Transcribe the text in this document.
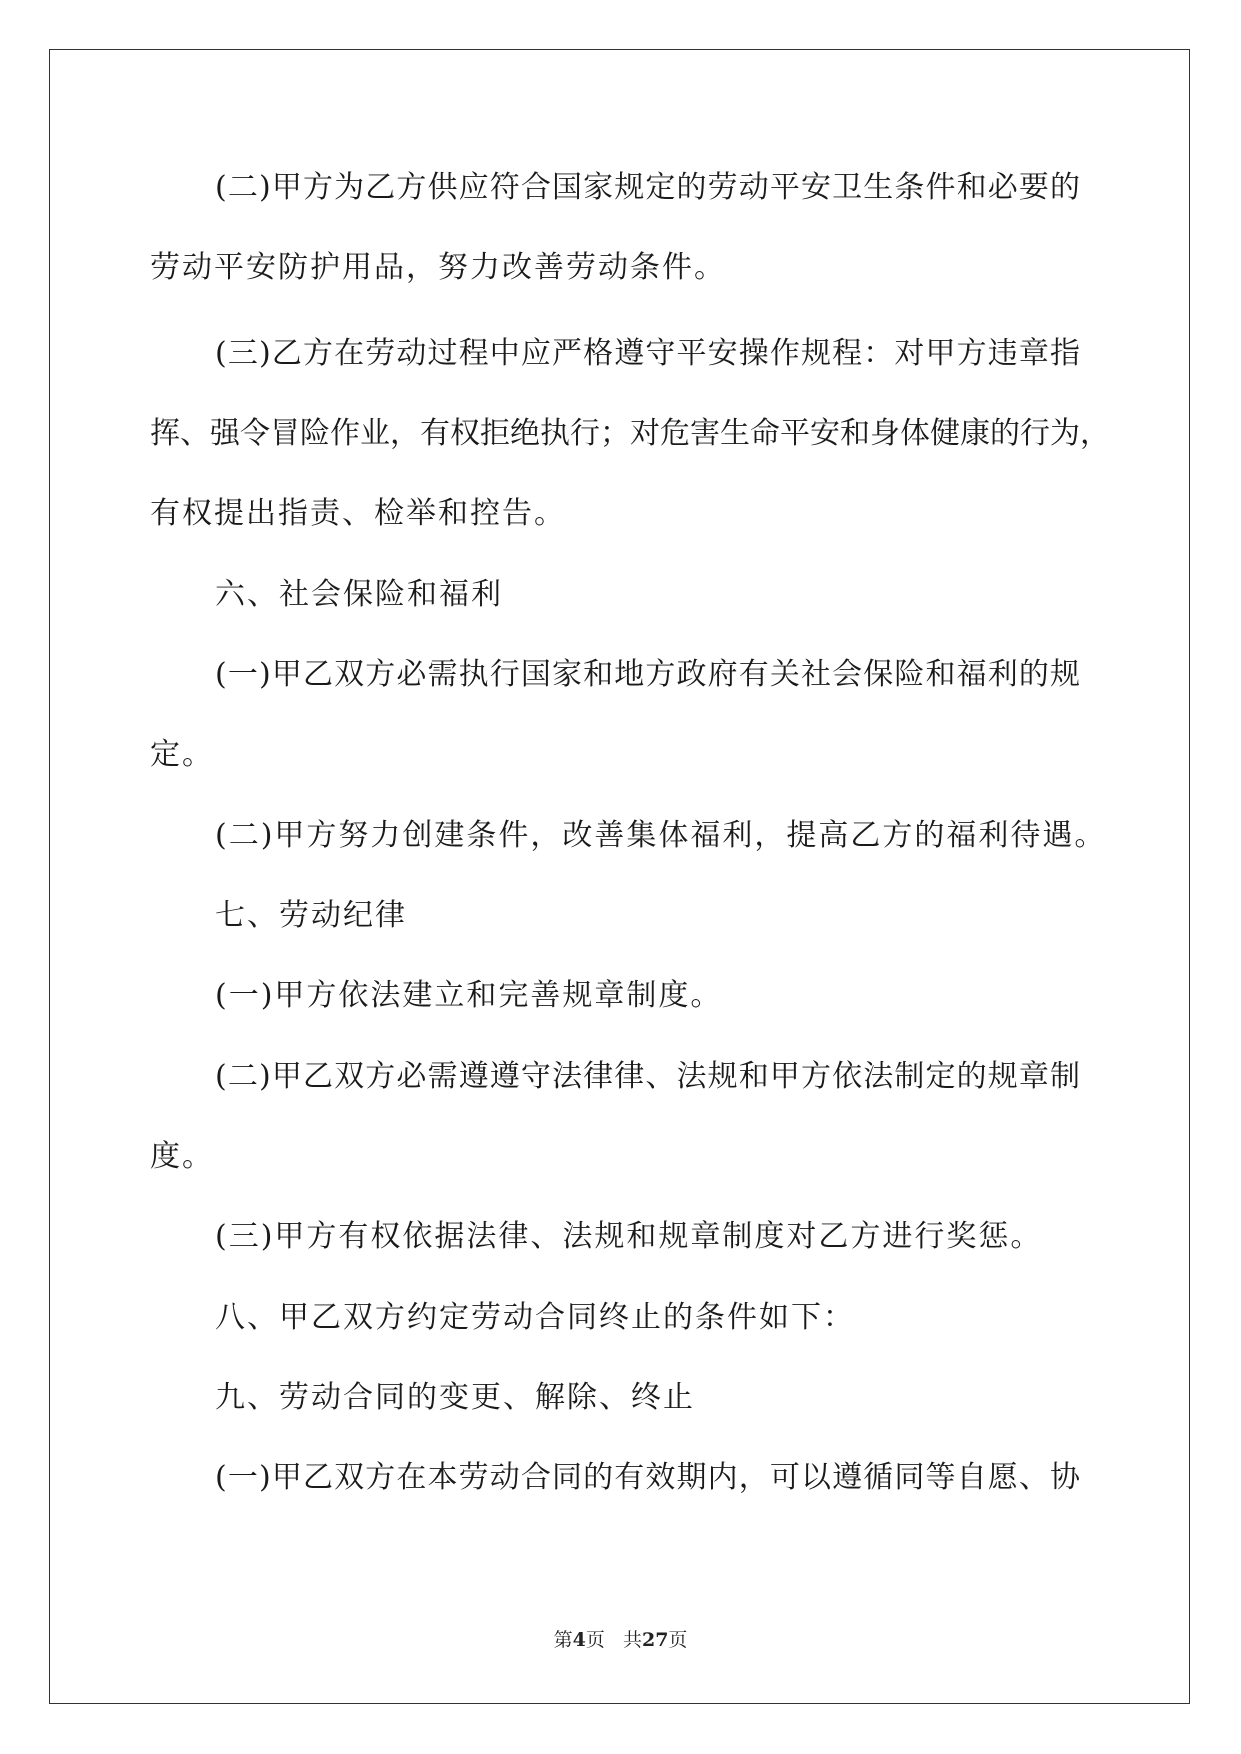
( 二 ) 甲 方 为 乙 方 供 应 符 合 国 家 规 定 的 劳 动 平 安 卫 生 条 件 和 必 要 的
劳动平安防护用品，努力改善劳动条件。
( 三 ) 乙 方 在 劳 动 过 程 中 应 严 格 遵 守 平 安 操 作 规 程 ： 对 甲 方 违 章 指
挥 、 强 令 冒 险 作 业 ， 有 权 拒 绝 执 行 ； 对 危 害 生 命 平 安 和 身 体 健 康 的 行 为 ，
有权提出指责、检举和控告。
六、社会保险和福利
( 一 ) 甲 乙 双 方 必 需 执 行 国 家 和 地 方 政 府 有 关 社 会 保 险 和 福 利 的 规
定。
(二)甲方努力创建条件，改善集体福利，提高乙方的福利待遇。
七、劳动纪律
(一)甲方依法建立和完善规章制度。
( 二 ) 甲 乙 双 方 必 需 遵 遵 守 法 律 律 、 法 规 和 甲 方 依 法 制 定 的 规 章 制
度。
(三)甲方有权依据法律、法规和规章制度对乙方进行奖惩。
八、甲乙双方约定劳动合同终止的条件如下：
九、劳动合同的变更、解除、终止
( 一 ) 甲 乙 双 方 在 本 劳 动 合 同 的 有 效 期 内 ， 可 以 遵 循 同 等 自 愿 、 协
第4页 共27页
